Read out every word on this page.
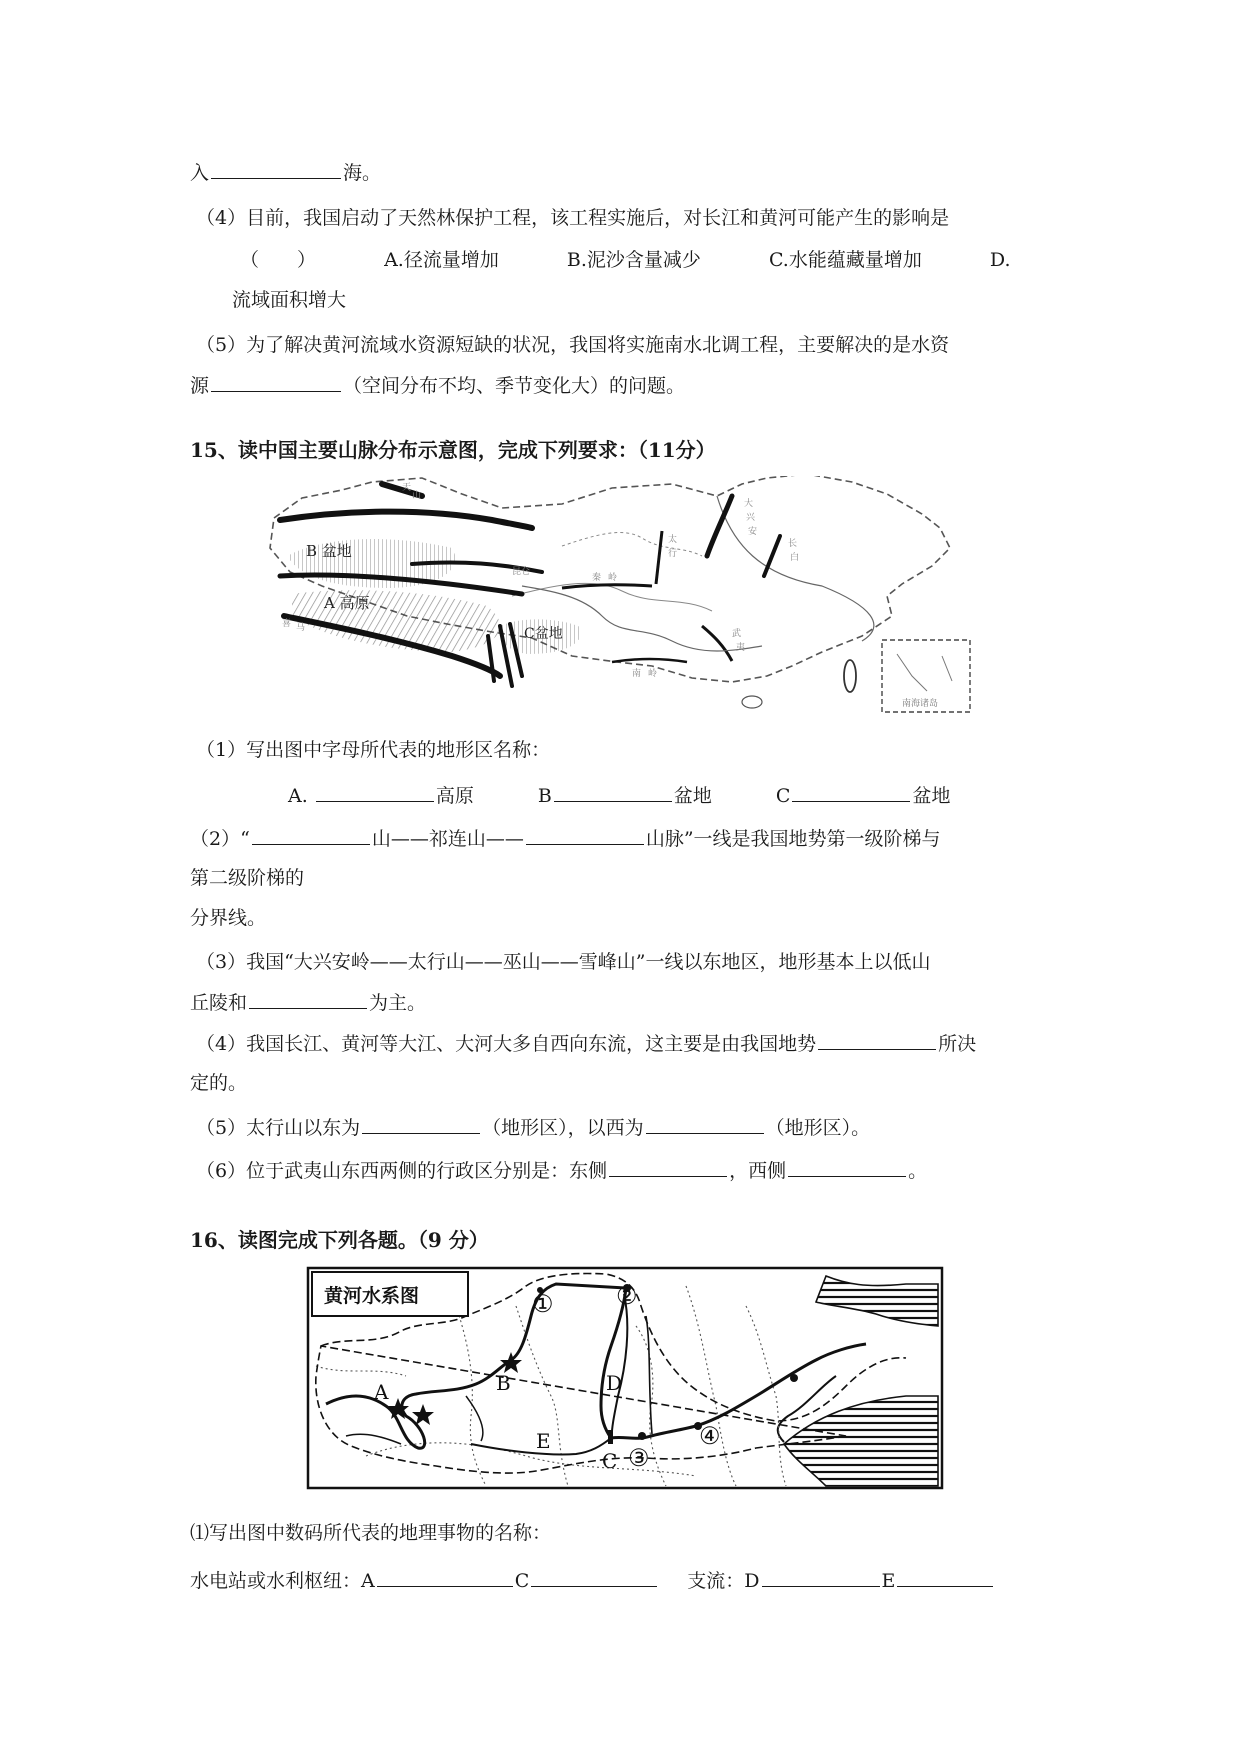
入	海。
（4）目前，我国启动了天然林保护工程，该工程实施后，对长江和黄河可能产生的影响是
（　　）	A.径流量增加	B.泥沙含量减少	C.水能蕴藏量增加	D.
流域面积增大
（5）为了解决黄河流域水资源短缺的状况，我国将实施南水北调工程，主要解决的是水资
源	（空间分布不均、季节变化大）的问题。
15、读中国主要山脉分布示意图，完成下列要求：（11分）
南海诸岛
天
山
昆仑
喜 马
秦 岭
大
兴
安
长
白
武
夷
南 岭
太
行
B 盆地
A 高原
C盆地
（1）写出图中字母所代表的地形区名称：
A.	高原	B	盆地	C	盆地
（2）“	山——祁连山——	山脉”一线是我国地势第一级阶梯与
第二级阶梯的
分界线。
（3）我国“大兴安岭——太行山——巫山——雪峰山”一线以东地区，地形基本上以低山
丘陵和	为主。
（4）我国长江、黄河等大江、大河大多自西向东流，这主要是由我国地势	所决
定的。
（5）太行山以东为	（地形区），以西为	（地形区）。
（6）位于武夷山东西两侧的行政区分别是：东侧	，西侧	。
16、读图完成下列各题。（9 分）
黄河水系图	①	②
③
④
A	B
C
D
E
⑴写出图中数码所代表的地理事物的名称：
水电站或水利枢纽：A	C	支流：D	E
